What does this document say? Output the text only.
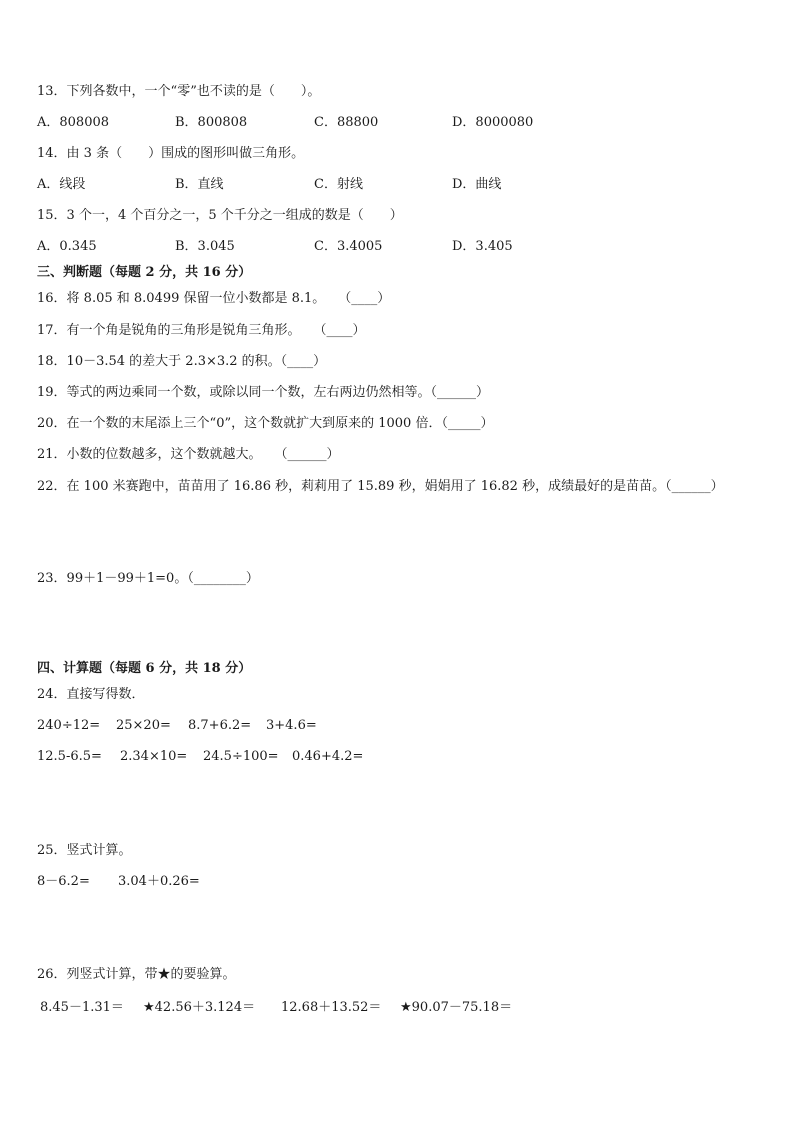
13．下列各数中，一个“零”也不读的是（　　）。
A．808008	B．800808	C．88800	D．8000080
14．由 3 条（　　）围成的图形叫做三角形。
A．线段	B．直线	C．射线	D．曲线
15．3 个一，4 个百分之一，5 个千分之一组成的数是（　　）
A．0.345	B．3.045	C．3.4005	D．3.405
三、判断题（每题 2 分，共 16 分）
16．将 8.05 和 8.0499 保留一位小数都是 8.1。　　（____）
17．有一个角是锐角的三角形是锐角三角形。　　（____）
18．10－3.54 的差大于 2.3×3.2 的积。（____）
19．等式的两边乘同一个数，或除以同一个数，左右两边仍然相等。（______）
20．在一个数的末尾添上三个“0”，这个数就扩大到原来的 1000 倍．（_____）
21．小数的位数越多，这个数就越大。　　（______）
22．在 100 米赛跑中，苗苗用了 16.86 秒，莉莉用了 15.89 秒，娟娟用了 16.82 秒，成绩最好的是苗苗。（______）
23．99＋1－99＋1=0。（________）
四、计算题（每题 6 分，共 18 分）
24．直接写得数．
240÷12= 25×20= 8.7+6.2= 3+4.6=
12.5-6.5= 2.34×10= 24.5÷100= 0.46+4.2=
25．竖式计算。
8－6.2= 3.04＋0.26=
26．列竖式计算，带★的要验算。
8.45－1.31＝ ★42.56＋3.124＝ 12.68＋13.52＝ ★90.07－75.18＝
